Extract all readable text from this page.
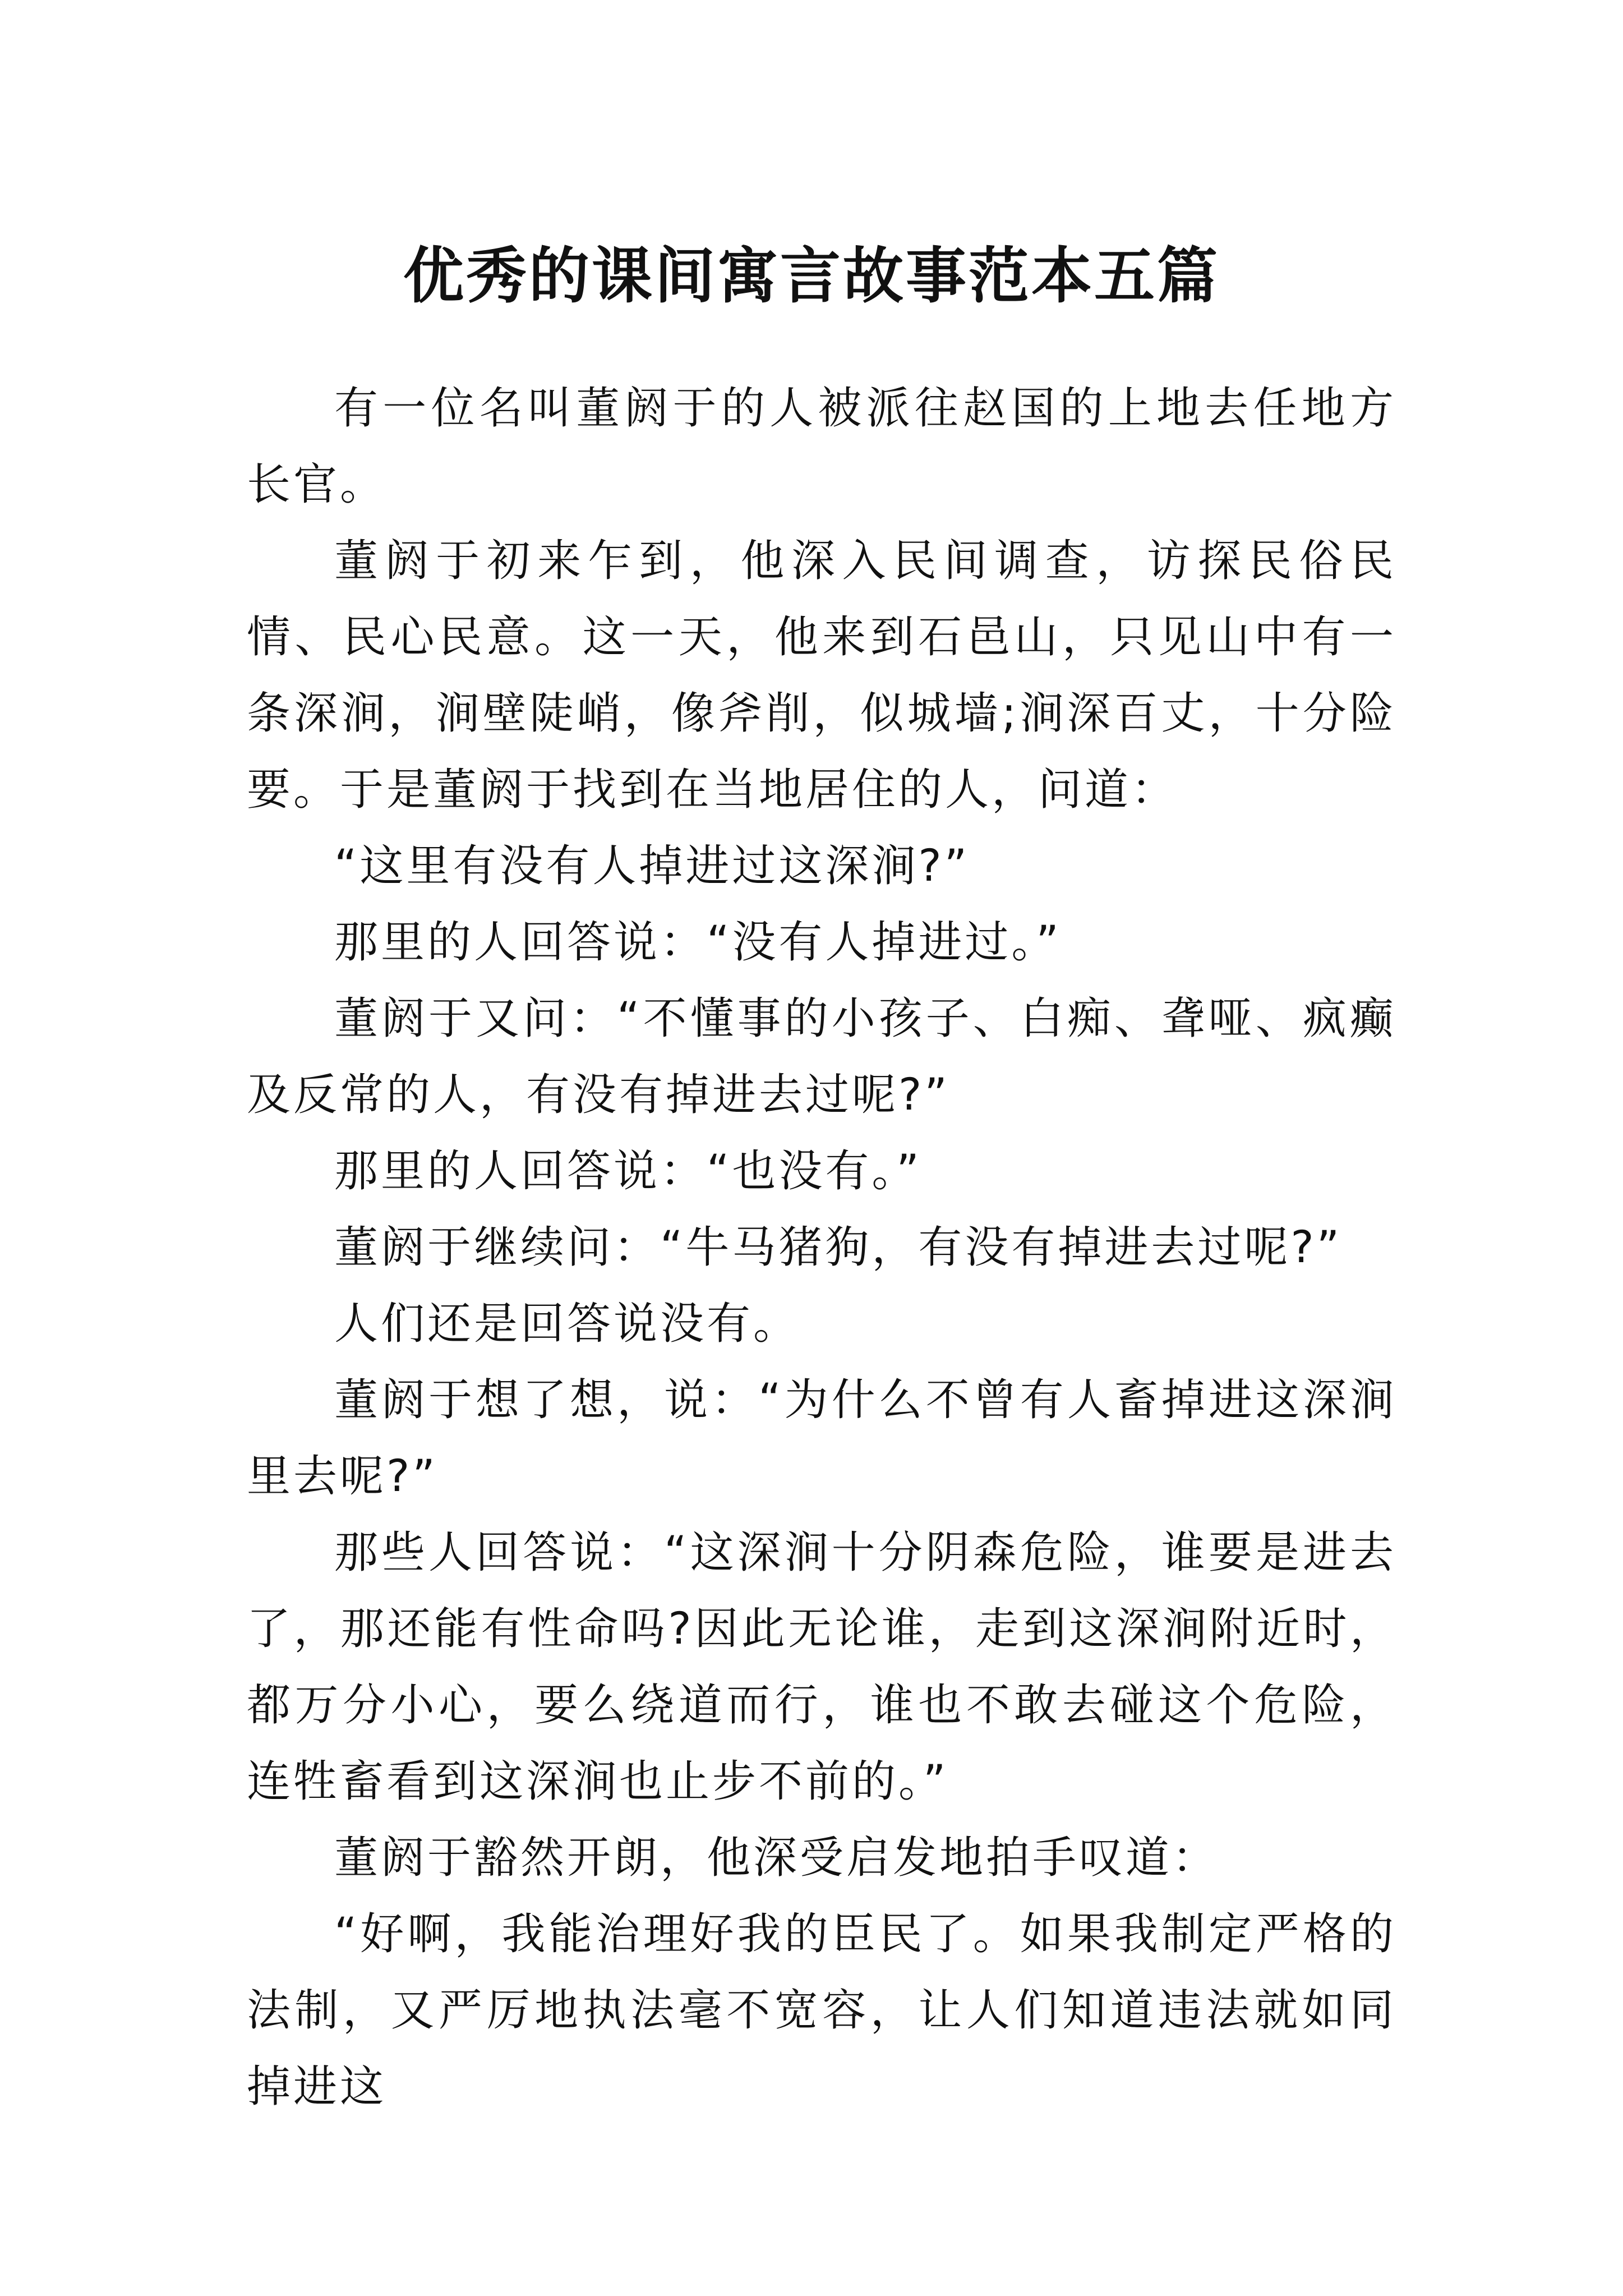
优秀的课间寓言故事范本五篇

有一位名叫董阏于的人被派往赵国的上地去任地方长官。

董阏于初来乍到，他深入民间调查，访探民俗民情、民心民意。这一天，他来到石邑山，只见山中有一条深涧，涧壁陡峭，像斧削，似城墙;涧深百丈，十分险要。于是董阏于找到在当地居住的人，问道：

“这里有没有人掉进过这深涧?”

那里的人回答说：“没有人掉进过。”

董阏于又问：“不懂事的小孩子、白痴、聋哑、疯癫及反常的人，有没有掉进去过呢?”

那里的人回答说：“也没有。”

董阏于继续问：“牛马猪狗，有没有掉进去过呢?”

人们还是回答说没有。

董阏于想了想，说：“为什么不曾有人畜掉进这深涧里去呢?”

那些人回答说：“这深涧十分阴森危险，谁要是进去了，那还能有性命吗?因此无论谁，走到这深涧附近时，都万分小心，要么绕道而行，谁也不敢去碰这个危险，连牲畜看到这深涧也止步不前的。”

董阏于豁然开朗，他深受启发地拍手叹道：

“好啊，我能治理好我的臣民了。如果我制定严格的法制，又严厉地执法毫不宽容，让人们知道违法就如同掉进这
